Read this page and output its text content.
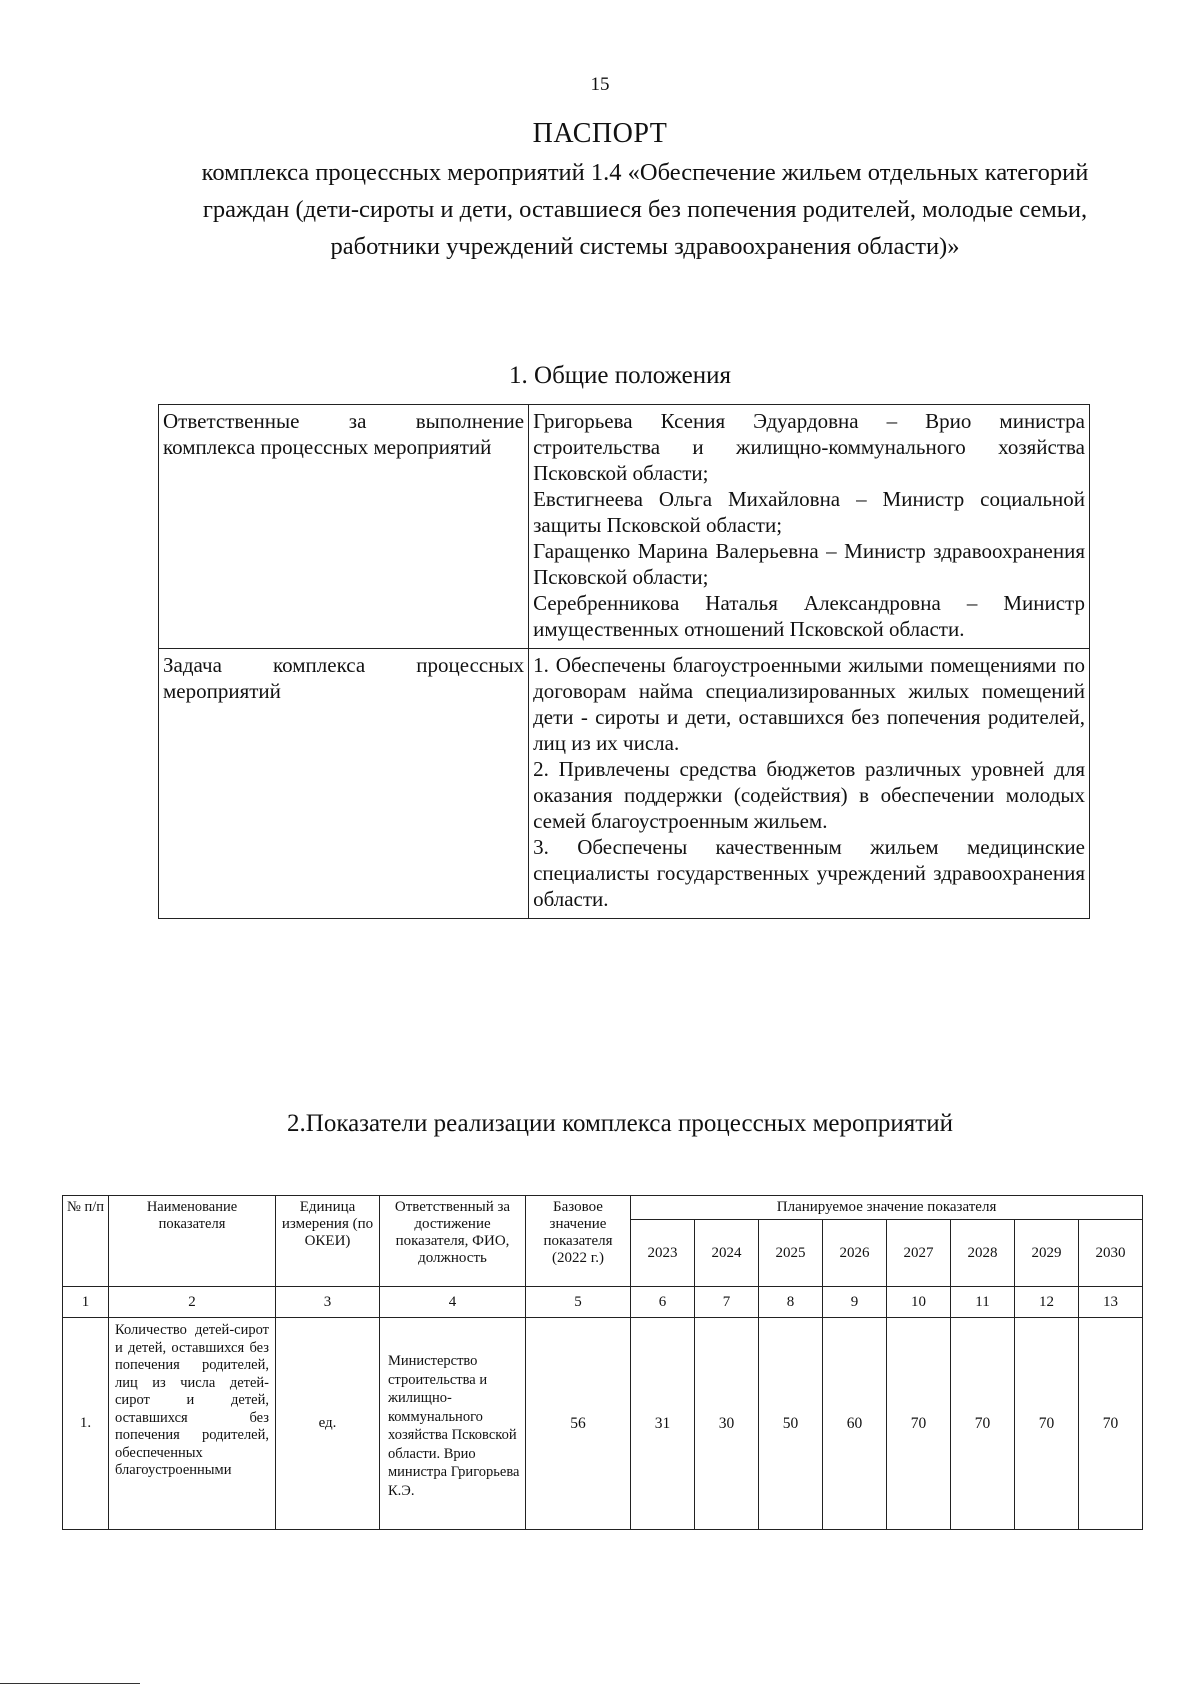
15
ПАСПОРТ
комплекса процессных мероприятий 1.4 «Обеспечение жильем отдельных категорий граждан (дети-сироты и дети, оставшиеся без попечения родителей, молодые семьи, работники учреждений системы здравоохранения области)»
1. Общие положения
Ответственные за выполнение комплекса процессных мероприятий	Григорьева Ксения Эдуардовна – Врио министра строительства и жилищно-коммунального хозяйства Псковской области;
Евстигнеева Ольга Михайловна – Министр социальной защиты Псковской области;
Гаращенко Марина Валерьевна – Министр здравоохранения Псковской области;
Серебренникова Наталья Александровна – Министр имущественных отношений Псковской области.

Задача комплекса процессных мероприятий	1. Обеспечены благоустроенными жилыми помещениями по договорам найма специализированных жилых помещений дети - сироты и дети, оставшихся без попечения родителей, лиц из их числа.
2. Привлечены средства бюджетов различных уровней для оказания поддержки (содействия) в обеспечении молодых семей благоустроенным жильем.
3. Обеспечены качественным жильем медицинские специалисты государственных учреждений здравоохранения области.
2.Показатели реализации комплекса процессных мероприятий
№ п/п	Наименование показателя	Единица измерения (по ОКЕИ)	Ответственный за достижение показателя, ФИО, должность	Базовое значение показателя (2022 г.)	Планируемое значение показателя							
					2023	2024	2025	2026	2027	2028	2029	2030
1	2	3	4	5	6	7	8	9	10	11	12	13
1.	Количество детей-сирот и детей, оставшихся без попечения родителей, лиц из числа детей-сирот и детей, оставшихся без попечения родителей, обеспеченных благоустроенными	ед.	Министерство строительства и жилищно-коммунального хозяйства Псковской области. Врио министра Григорьева К.Э.	56	31	30	50	60	70	70	70	70
